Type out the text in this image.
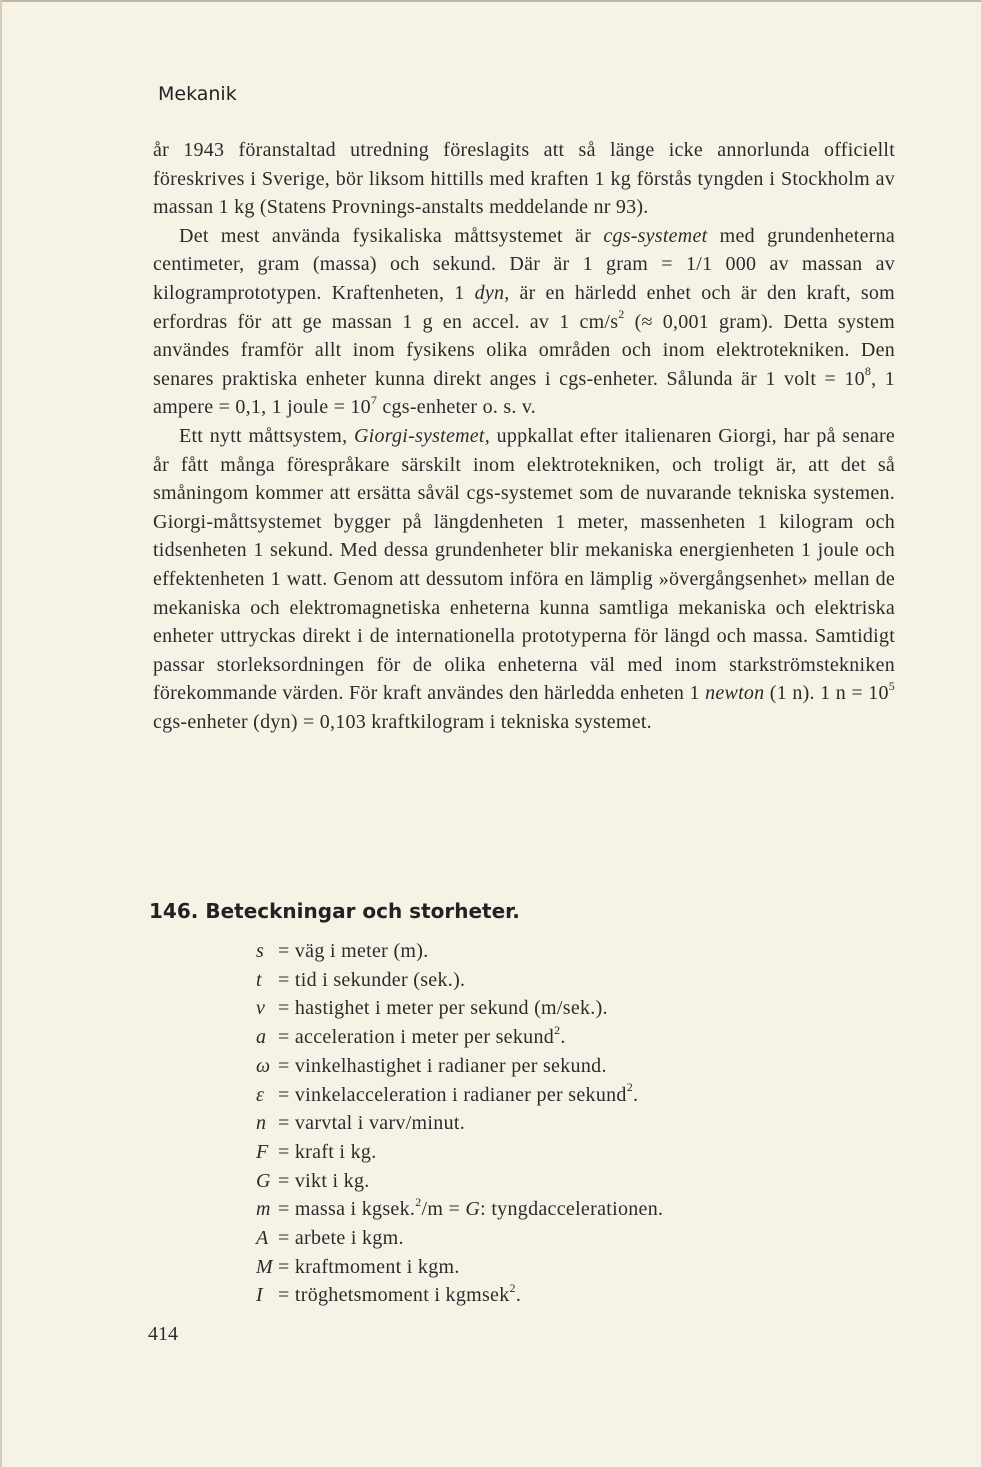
Mekanik

år 1943 föranstaltad utredning föreslagits att så länge icke annorlunda officiellt föreskrives i Sverige, bör liksom hittills med kraften 1 kg förstås tyngden i Stockholm av massan 1 kg (Statens Provnings-anstalts meddelande nr 93).

Det mest använda fysikaliska måttsystemet är cgs-systemet med grundenheterna centimeter, gram (massa) och sekund. Där är 1 gram = 1/1 000 av massan av kilogramprototypen. Kraftenheten, 1 dyn, är en härledd enhet och är den kraft, som erfordras för att ge massan 1 g en accel. av 1 $cm/s^2$ (≈ 0,001 gram). Detta system användes framför allt inom fysikens olika områden och inom elektrotekniken. Den senares praktiska enheter kunna direkt anges i cgs-enheter. Sålunda är 1 volt = $10^8$, 1 ampere = 0,1, 1 joule = $10^7$ cgs-enheter o. s. v.

Ett nytt måttsystem, Giorgi-systemet, uppkallat efter italienaren Giorgi, har på senare år fått många förespråkare särskilt inom elektrotekniken, och troligt är, att det så småningom kommer att ersätta såväl cgs-systemet som de nuvarande tekniska systemen. Giorgi-måttsystemet bygger på längdenheten 1 meter, massenheten 1 kilogram och tidsenheten 1 sekund. Med dessa grundenheter blir mekaniska energienheten 1 joule och effektenheten 1 watt. Genom att dessutom införa en lämplig »övergångsenhet» mellan de mekaniska och elektromagnetiska enheterna kunna samtliga mekaniska och elektriska enheter uttryckas direkt i de internationella prototyperna för längd och massa. Samtidigt passar storleksordningen för de olika enheterna väl med inom starkströmstekniken förekommande värden. För kraft användes den härledda enheten 1 newton (1 n). 1 $n = 10^5$ cgs-enheter (dyn) = 0,103 kraftkilogram i tekniska systemet.

146. Beteckningar och storheter.
s = väg i meter (m).
t = tid i sekunder (sek.).
v = hastighet i meter per sekund (m/sek.).
a = acceleration i meter per sekund$^2$.
ω = vinkelhastighet i radianer per sekund.
ε = vinkelacceleration i radianer per sekund$^2$.
n = varvtal i varv/minut.
F = kraft i kg.
G = vikt i kg.
m = massa i kgsek.$^2$/m = G: tyngdaccelerationen.
A = arbete i kgm.
M = kraftmoment i kgm.
I = tröghetsmoment i kgmsek$^2$.
414
